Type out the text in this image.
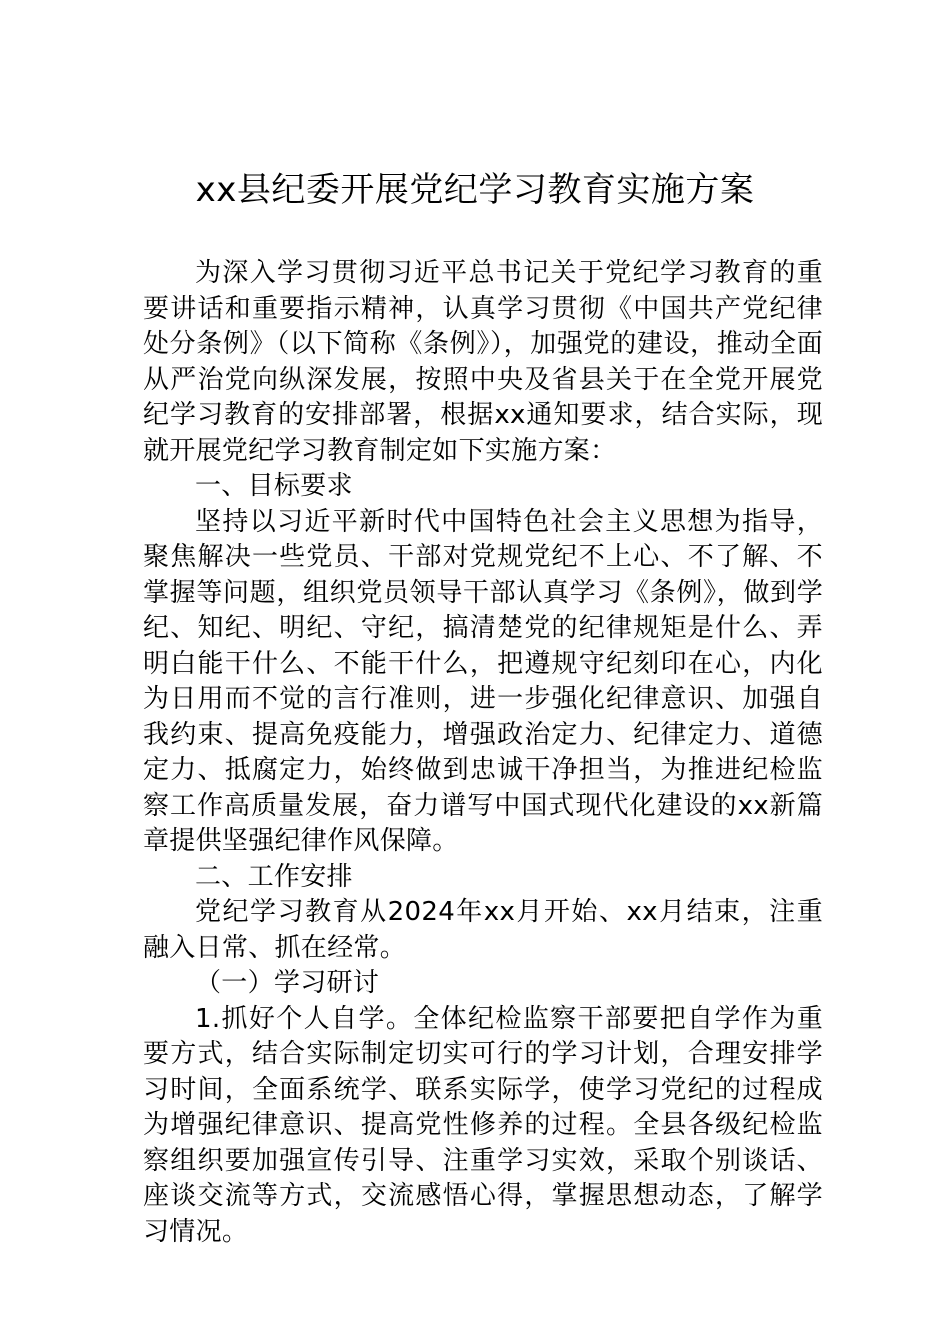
xx县纪委开展党纪学习教育实施方案

为深入学习贯彻习近平总书记关于党纪学习教育的重要讲话和重要指示精神，认真学习贯彻《中国共产党纪律处分条例》（以下简称《条例》），加强党的建设，推动全面从严治党向纵深发展，按照中央及省县关于在全党开展党纪学习教育的安排部署，根据xx通知要求，结合实际，现就开展党纪学习教育制定如下实施方案：

一、目标要求

坚持以习近平新时代中国特色社会主义思想为指导，聚焦解决一些党员、干部对党规党纪不上心、不了解、不掌握等问题，组织党员领导干部认真学习《条例》，做到学纪、知纪、明纪、守纪，搞清楚党的纪律规矩是什么、弄明白能干什么、不能干什么，把遵规守纪刻印在心，内化为日用而不觉的言行准则，进一步强化纪律意识、加强自我约束、提高免疫能力，增强政治定力、纪律定力、道德定力、抵腐定力，始终做到忠诚干净担当，为推进纪检监察工作高质量发展，奋力谱写中国式现代化建设的xx新篇章提供坚强纪律作风保障。

二、工作安排

党纪学习教育从2024年xx月开始、xx月结束，注重融入日常、抓在经常。

（一）学习研讨

1.抓好个人自学。全体纪检监察干部要把自学作为重要方式，结合实际制定切实可行的学习计划，合理安排学习时间，全面系统学、联系实际学，使学习党纪的过程成为增强纪律意识、提高党性修养的过程。全县各级纪检监察组织要加强宣传引导、注重学习实效，采取个别谈话、座谈交流等方式，交流感悟心得，掌握思想动态，了解学习情况。
